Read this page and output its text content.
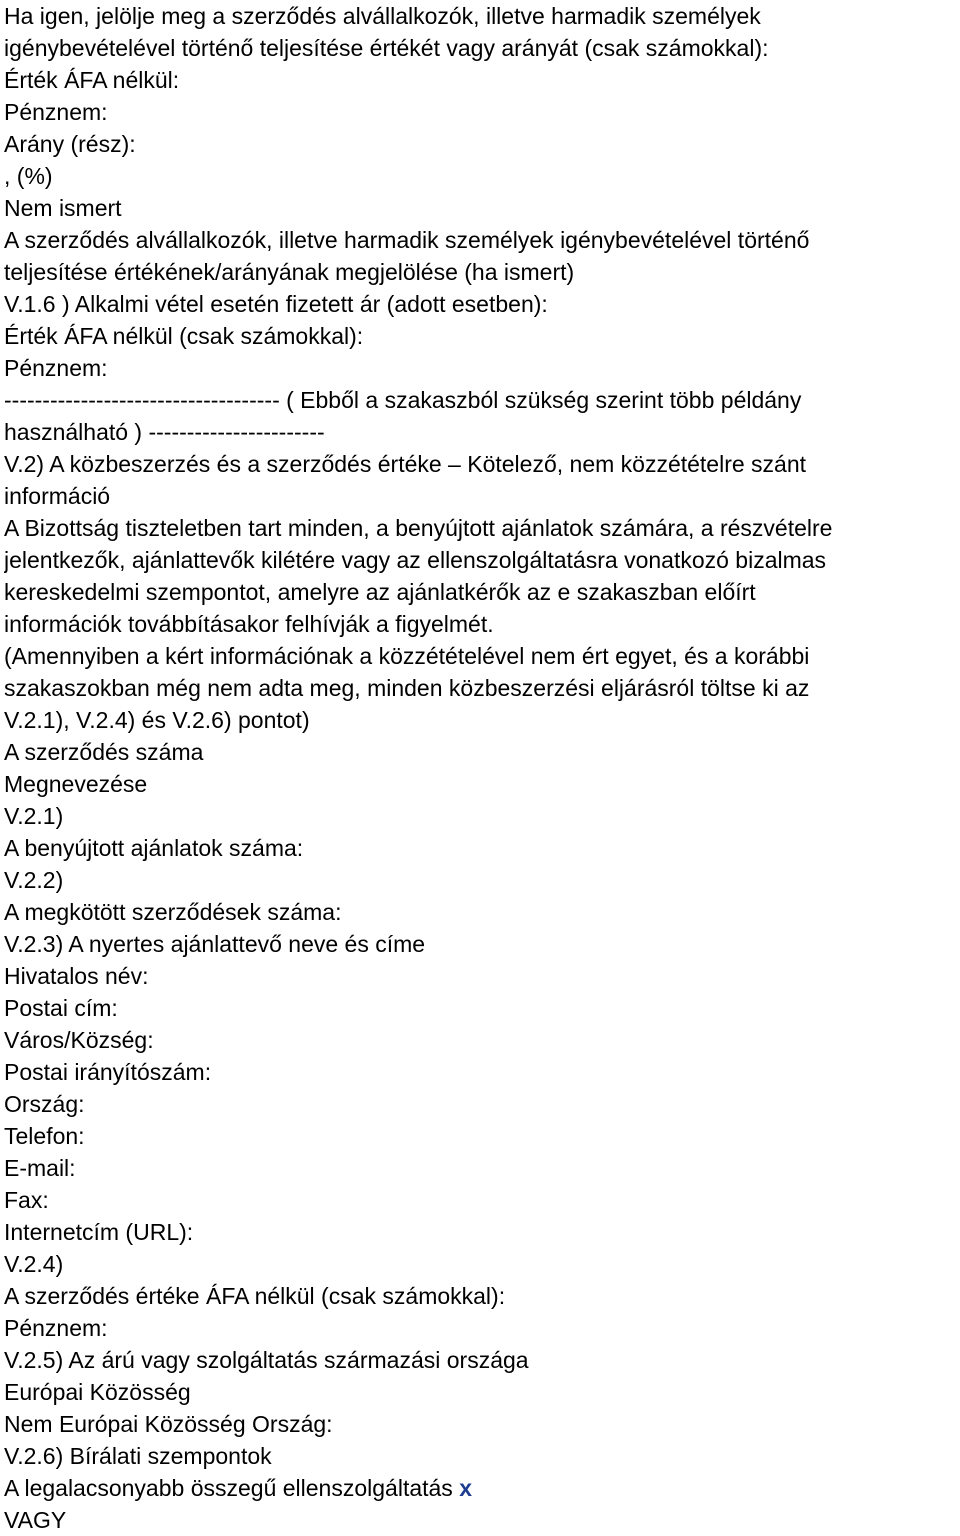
Ha igen, jelölje meg a szerződés alvállalkozók, illetve harmadik személyek
igénybevételével történő teljesítése értékét vagy arányát (csak számokkal):
Érték ÁFA nélkül:
Pénznem:
Arány (rész):
, (%)
Nem ismert
A szerződés alvállalkozók, illetve harmadik személyek igénybevételével történő
teljesítése értékének/arányának megjelölése (ha ismert)
V.1.6 ) Alkalmi vétel esetén fizetett ár (adott esetben):
Érték ÁFA nélkül (csak számokkal):
Pénznem:
------------------------------------ ( Ebből a szakaszból szükség szerint több példány
használható ) -----------------------
V.2) A közbeszerzés és a szerződés értéke – Kötelező, nem közzétételre szánt
információ
A Bizottság tiszteletben tart minden, a benyújtott ajánlatok számára, a részvételre
jelentkezők, ajánlattevők kilétére vagy az ellenszolgáltatásra vonatkozó bizalmas
kereskedelmi szempontot, amelyre az ajánlatkérők az e szakaszban előírt
információk továbbításakor felhívják a figyelmét.
(Amennyiben a kért információnak a közzétételével nem ért egyet, és a korábbi
szakaszokban még nem adta meg, minden közbeszerzési eljárásról töltse ki az
V.2.1), V.2.4) és V.2.6) pontot)
A szerződés száma
Megnevezése
V.2.1)
A benyújtott ajánlatok száma:
V.2.2)
A megkötött szerződések száma:
V.2.3) A nyertes ajánlattevő neve és címe
Hivatalos név:
Postai cím:
Város/Község:
Postai irányítószám:
Ország:
Telefon:
E-mail:
Fax:
Internetcím (URL):
V.2.4)
A szerződés értéke ÁFA nélkül (csak számokkal):
Pénznem:
V.2.5) Az árú vagy szolgáltatás származási országa
Európai Közösség
Nem Európai Közösség Ország:
V.2.6) Bírálati szempontok
A legalacsonyabb összegű ellenszolgáltatás x
VAGY
